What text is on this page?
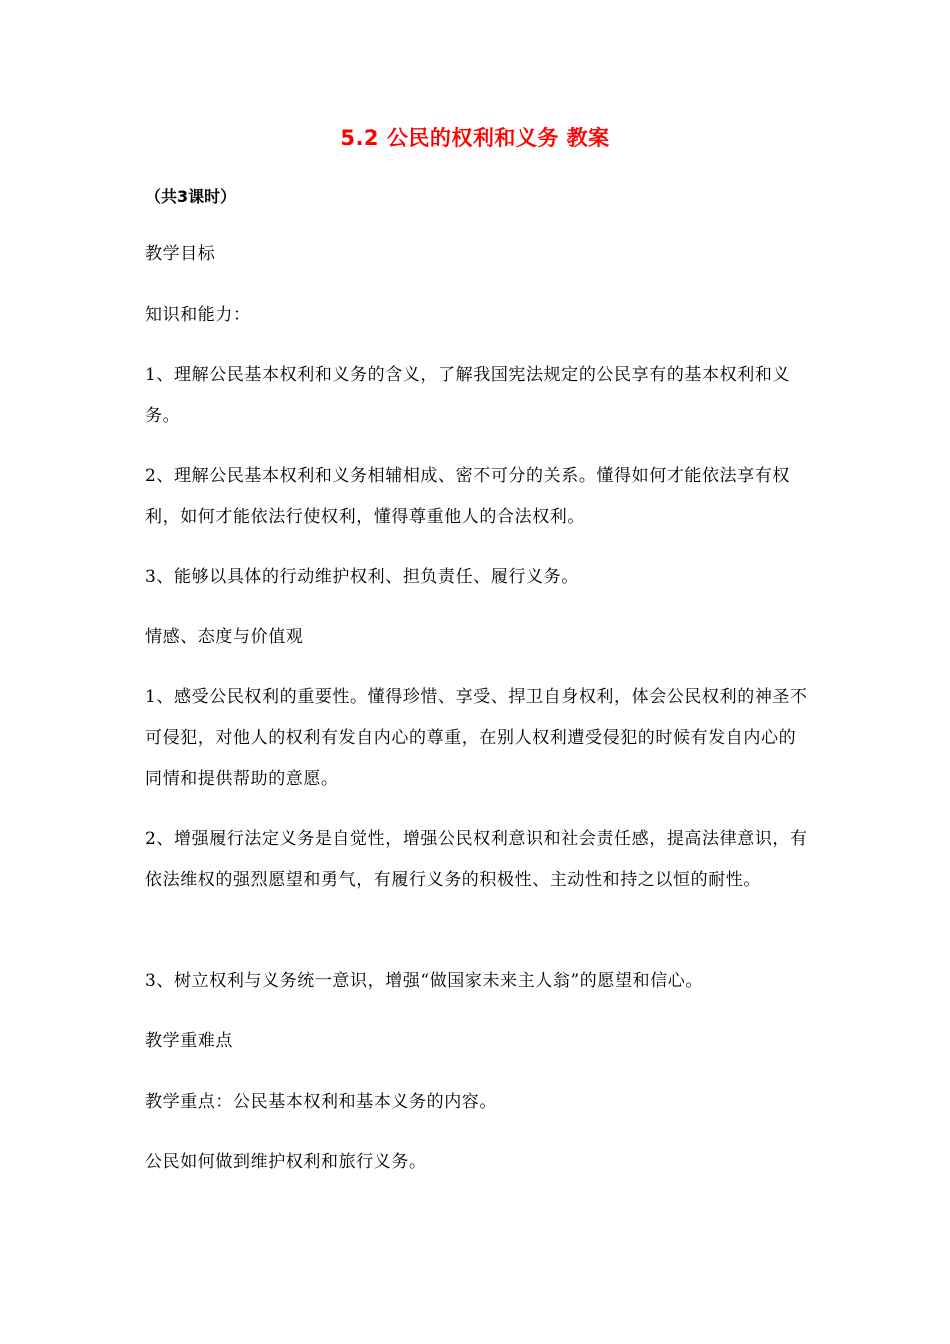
5.2 公民的权利和义务 教案
（共3课时）
教学目标
知识和能力：
1、理解公民基本权利和义务的含义，了解我国宪法规定的公民享有的基本权利和义务。
2、理解公民基本权利和义务相辅相成、密不可分的关系。懂得如何才能依法享有权利，如何才能依法行使权利，懂得尊重他人的合法权利。
3、能够以具体的行动维护权利、担负责任、履行义务。
情感、态度与价值观
1、感受公民权利的重要性。懂得珍惜、享受、捍卫自身权利，体会公民权利的神圣不可侵犯，对他人的权利有发自内心的尊重，在别人权利遭受侵犯的时候有发自内心的同情和提供帮助的意愿。
2、增强履行法定义务是自觉性，增强公民权利意识和社会责任感，提高法律意识，有依法维权的强烈愿望和勇气，有履行义务的积极性、主动性和持之以恒的耐性。
3、树立权利与义务统一意识，增强“做国家未来主人翁”的愿望和信心。
教学重难点
教学重点：公民基本权利和基本义务的内容。
公民如何做到维护权利和旅行义务。
